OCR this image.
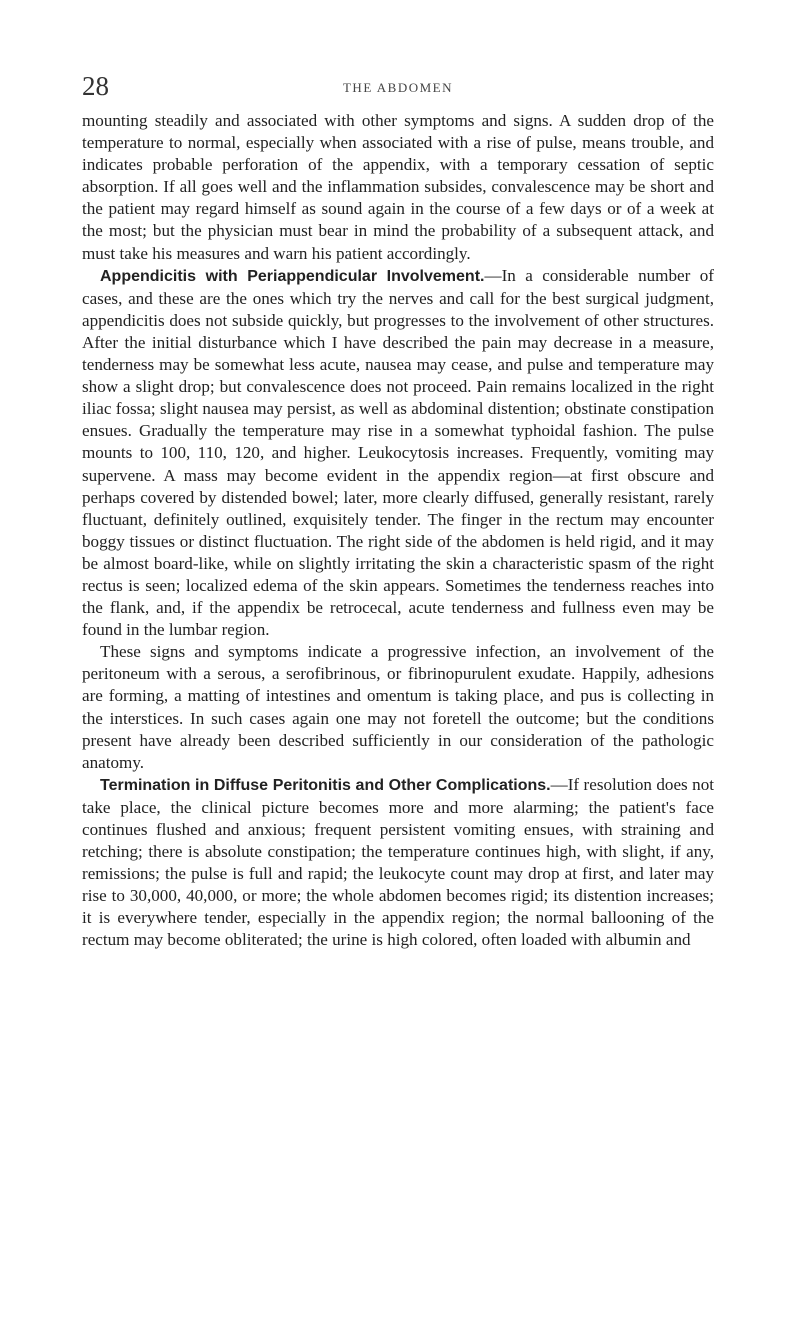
28	THE ABDOMEN

mounting steadily and associated with other symptoms and signs. A sudden drop of the temperature to normal, especially when associated with a rise of pulse, means trouble, and indicates probable perforation of the appendix, with a temporary cessation of septic absorption. If all goes well and the inflammation subsides, convalescence may be short and the patient may regard himself as sound again in the course of a few days or of a week at the most; but the physician must bear in mind the probability of a subsequent attack, and must take his measures and warn his patient accordingly.

Appendicitis with Periappendicular Involvement.—In a considerable number of cases, and these are the ones which try the nerves and call for the best surgical judgment, appendicitis does not subside quickly, but progresses to the involvement of other structures. After the initial disturbance which I have described the pain may decrease in a measure, tenderness may be somewhat less acute, nausea may cease, and pulse and temperature may show a slight drop; but convalescence does not proceed. Pain remains localized in the right iliac fossa; slight nausea may persist, as well as abdominal distention; obstinate constipation ensues. Gradually the temperature may rise in a somewhat typhoidal fashion. The pulse mounts to 100, 110, 120, and higher. Leukocytosis increases. Frequently, vomiting may supervene. A mass may become evident in the appendix region—at first obscure and perhaps covered by distended bowel; later, more clearly diffused, generally resistant, rarely fluctuant, definitely outlined, exquisitely tender. The finger in the rectum may encounter boggy tissues or distinct fluctuation. The right side of the abdomen is held rigid, and it may be almost board-like, while on slightly irritating the skin a characteristic spasm of the right rectus is seen; localized edema of the skin appears. Sometimes the tenderness reaches into the flank, and, if the appendix be retrocecal, acute tenderness and fullness even may be found in the lumbar region.

These signs and symptoms indicate a progressive infection, an involvement of the peritoneum with a serous, a serofibrinous, or fibrinopurulent exudate. Happily, adhesions are forming, a matting of intestines and omentum is taking place, and pus is collecting in the interstices. In such cases again one may not foretell the outcome; but the conditions present have already been described sufficiently in our consideration of the pathologic anatomy.

Termination in Diffuse Peritonitis and Other Complications.—If resolution does not take place, the clinical picture becomes more and more alarming; the patient's face continues flushed and anxious; frequent persistent vomiting ensues, with straining and retching; there is absolute constipation; the temperature continues high, with slight, if any, remissions; the pulse is full and rapid; the leukocyte count may drop at first, and later may rise to 30,000, 40,000, or more; the whole abdomen becomes rigid; its distention increases; it is everywhere tender, especially in the appendix region; the normal ballooning of the rectum may become obliterated; the urine is high colored, often loaded with albumin and
